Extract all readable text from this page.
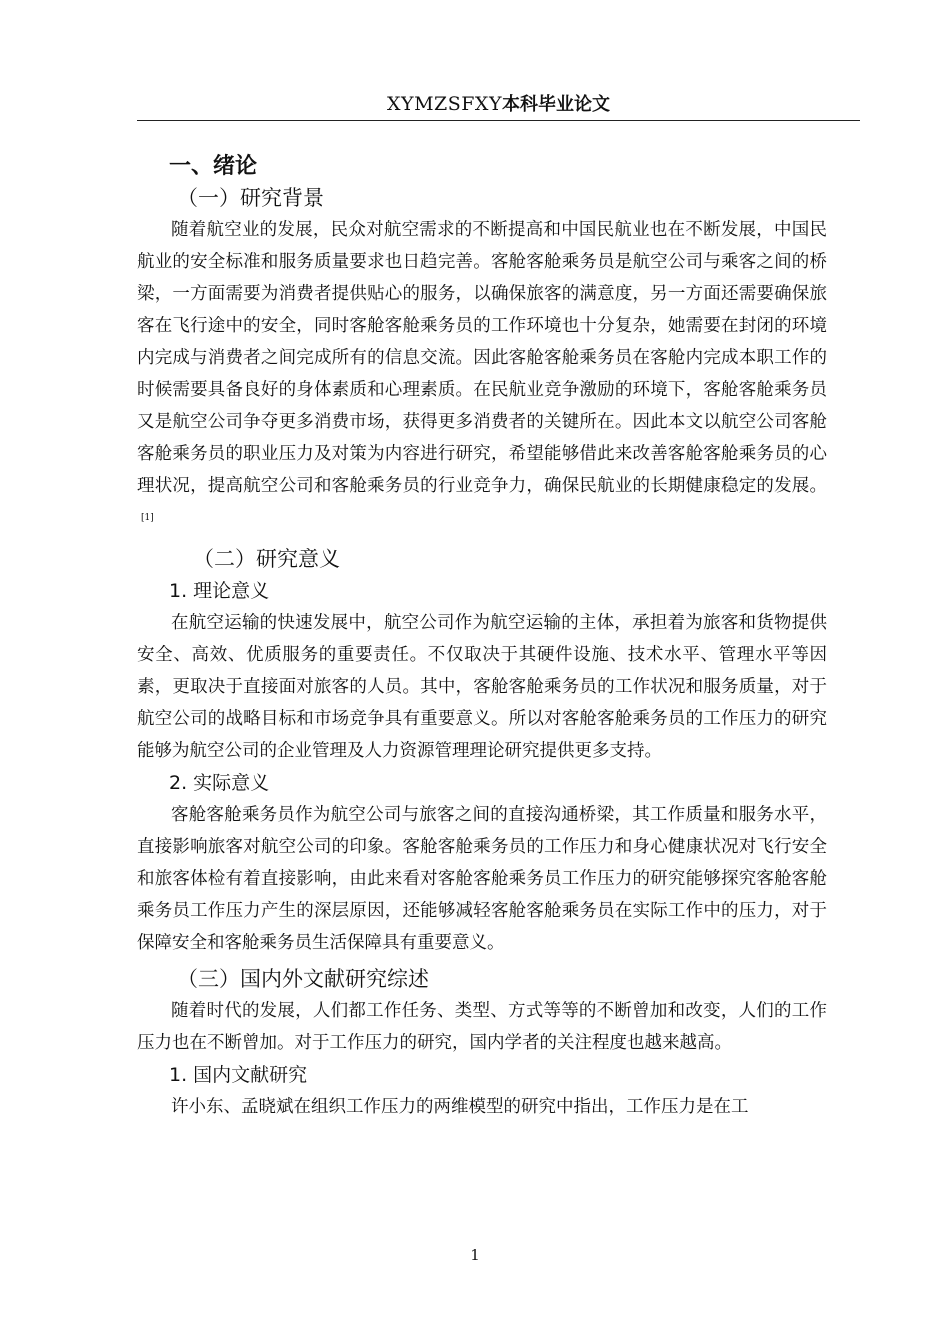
XYMZSFXY本科毕业论文
一、绪论
（一）研究背景

随着航空业的发展，民众对航空需求的不断提高和中国民航业也在不断发展，中国民航业的安全标准和服务质量要求也日趋完善。客舱客舱乘务员是航空公司与乘客之间的桥梁，一方面需要为消费者提供贴心的服务，以确保旅客的满意度，另一方面还需要确保旅客在飞行途中的安全，同时客舱客舱乘务员的工作环境也十分复杂，她需要在封闭的环境内完成与消费者之间完成所有的信息交流。因此客舱客舱乘务员在客舱内完成本职工作的时候需要具备良好的身体素质和心理素质。在民航业竞争激励的环境下，客舱客舱乘务员又是航空公司争夺更多消费市场，获得更多消费者的关键所在。因此本文以航空公司客舱客舱乘务员的职业压力及对策为内容进行研究，希望能够借此来改善客舱客舱乘务员的心理状况，提高航空公司和客舱乘务员的行业竞争力，确保民航业的长期健康稳定的发展。[1]

（二）研究意义
1. 理论意义

在航空运输的快速发展中，航空公司作为航空运输的主体，承担着为旅客和货物提供安全、高效、优质服务的重要责任。不仅取决于其硬件设施、技术水平、管理水平等因素，更取决于直接面对旅客的人员。其中，客舱客舱乘务员的工作状况和服务质量，对于航空公司的战略目标和市场竞争具有重要意义。所以对客舱客舱乘务员的工作压力的研究能够为航空公司的企业管理及人力资源管理理论研究提供更多支持。

2. 实际意义

客舱客舱乘务员作为航空公司与旅客之间的直接沟通桥梁，其工作质量和服务水平，直接影响旅客对航空公司的印象。客舱客舱乘务员的工作压力和身心健康状况对飞行安全和旅客体检有着直接影响，由此来看对客舱客舱乘务员工作压力的研究能够探究客舱客舱乘务员工作压力产生的深层原因，还能够减轻客舱客舱乘务员在实际工作中的压力，对于保障安全和客舱乘务员生活保障具有重要意义。

（三）国内外文献研究综述

随着时代的发展，人们都工作任务、类型、方式等等的不断曾加和改变，人们的工作压力也在不断曾加。对于工作压力的研究，国内学者的关注程度也越来越高。

1. 国内文献研究

许小东、孟晓斌在组织工作压力的两维模型的研究中指出，工作压力是在工

1
